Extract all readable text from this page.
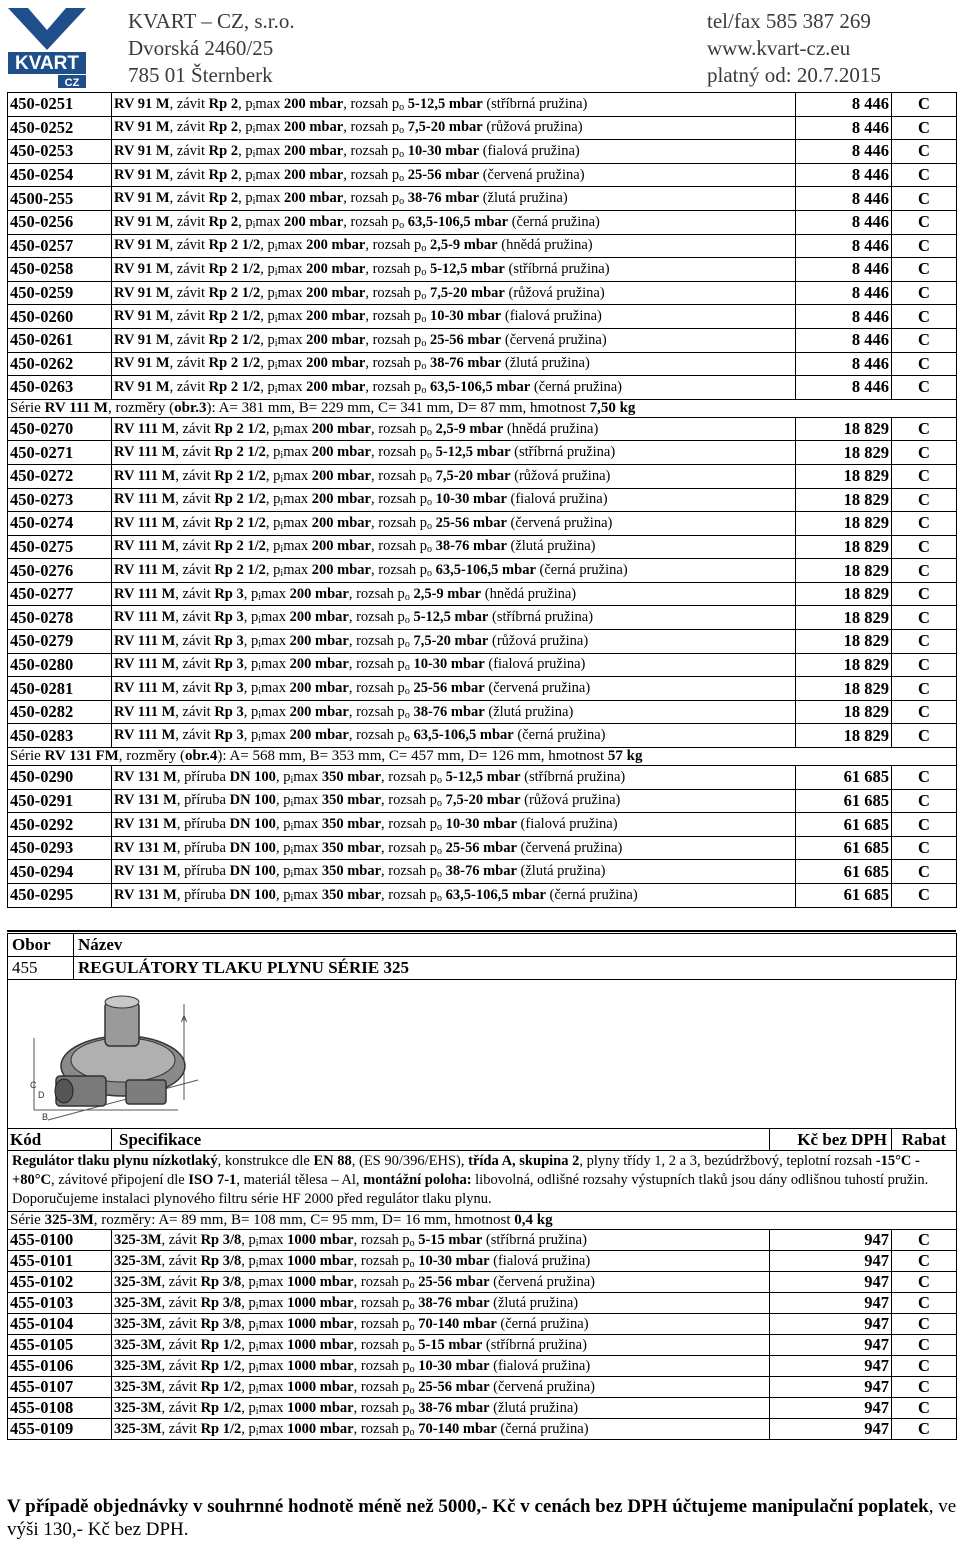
KVART
CZ
KVART – CZ, s.r.o.
Dvorská 2460/25
785 01 Šternberk
tel/fax 585 387 269
www.kvart-cz.eu
platný od: 20.7.2015
450-0251	RV 91 M, závit Rp 2, $p_i\max$ 200 mbar, rozsah $p_o$ 5-12,5 mbar (stříbrná pružina)	8 446	C
450-0252	RV 91 M, závit Rp 2, $p_i\max$ 200 mbar, rozsah $p_o$ 7,5-20 mbar (růžová pružina)	8 446	C
450-0253	RV 91 M, závit Rp 2, $p_i\max$ 200 mbar, rozsah $p_o$ 10-30 mbar (fialová pružina)	8 446	C
450-0254	RV 91 M, závit Rp 2, $p_i\max$ 200 mbar, rozsah $p_o$ 25-56 mbar (červená pružina)	8 446	C
4500-255	RV 91 M, závit Rp 2, $p_i\max$ 200 mbar, rozsah $p_o$ 38-76 mbar (žlutá pružina)	8 446	C
450-0256	RV 91 M, závit Rp 2, $p_i\max$ 200 mbar, rozsah $p_o$ 63,5-106,5 mbar (černá pružina)	8 446	C
450-0257	RV 91 M, závit Rp 2 1/2, $p_i\max$ 200 mbar, rozsah $p_o$ 2,5-9 mbar (hnědá pružina)	8 446	C
450-0258	RV 91 M, závit Rp 2 1/2, $p_i\max$ 200 mbar, rozsah $p_o$ 5-12,5 mbar (stříbrná pružina)	8 446	C
450-0259	RV 91 M, závit Rp 2 1/2, $p_i\max$ 200 mbar, rozsah $p_o$ 7,5-20 mbar (růžová pružina)	8 446	C
450-0260	RV 91 M, závit Rp 2 1/2, $p_i\max$ 200 mbar, rozsah $p_o$ 10-30 mbar (fialová pružina)	8 446	C
450-0261	RV 91 M, závit Rp 2 1/2, $p_i\max$ 200 mbar, rozsah $p_o$ 25-56 mbar (červená pružina)	8 446	C
450-0262	RV 91 M, závit Rp 2 1/2, $p_i\max$ 200 mbar, rozsah $p_o$ 38-76 mbar (žlutá pružina)	8 446	C
450-0263	RV 91 M, závit Rp 2 1/2, $p_i\max$ 200 mbar, rozsah $p_o$ 63,5-106,5 mbar (černá pružina)	8 446	C
Série RV 111 M, rozměry (obr.3): A= 381 mm, B= 229 mm, C= 341 mm, D= 87 mm, hmotnost 7,50 kg			
450-0270	RV 111 M, závit Rp 2 1/2, $p_i\max$ 200 mbar, rozsah $p_o$ 2,5-9 mbar (hnědá pružina)	18 829	C
450-0271	RV 111 M, závit Rp 2 1/2, $p_i\max$ 200 mbar, rozsah $p_o$ 5-12,5 mbar (stříbrná pružina)	18 829	C
450-0272	RV 111 M, závit Rp 2 1/2, $p_i\max$ 200 mbar, rozsah $p_o$ 7,5-20 mbar (růžová pružina)	18 829	C
450-0273	RV 111 M, závit Rp 2 1/2, $p_i\max$ 200 mbar, rozsah $p_o$ 10-30 mbar (fialová pružina)	18 829	C
450-0274	RV 111 M, závit Rp 2 1/2, $p_i\max$ 200 mbar, rozsah $p_o$ 25-56 mbar (červená pružina)	18 829	C
450-0275	RV 111 M, závit Rp 2 1/2, $p_i\max$ 200 mbar, rozsah $p_o$ 38-76 mbar (žlutá pružina)	18 829	C
450-0276	RV 111 M, závit Rp 2 1/2, $p_i\max$ 200 mbar, rozsah $p_o$ 63,5-106,5 mbar (černá pružina)	18 829	C
450-0277	RV 111 M, závit Rp 3, $p_i\max$ 200 mbar, rozsah $p_o$ 2,5-9 mbar (hnědá pružina)	18 829	C
450-0278	RV 111 M, závit Rp 3, $p_i\max$ 200 mbar, rozsah $p_o$ 5-12,5 mbar (stříbrná pružina)	18 829	C
450-0279	RV 111 M, závit Rp 3, $p_i\max$ 200 mbar, rozsah $p_o$ 7,5-20 mbar (růžová pružina)	18 829	C
450-0280	RV 111 M, závit Rp 3, $p_i\max$ 200 mbar, rozsah $p_o$ 10-30 mbar (fialová pružina)	18 829	C
450-0281	RV 111 M, závit Rp 3, $p_i\max$ 200 mbar, rozsah $p_o$ 25-56 mbar (červená pružina)	18 829	C
450-0282	RV 111 M, závit Rp 3, $p_i\max$ 200 mbar, rozsah $p_o$ 38-76 mbar (žlutá pružina)	18 829	C
450-0283	RV 111 M, závit Rp 3, $p_i\max$ 200 mbar, rozsah $p_o$ 63,5-106,5 mbar (černá pružina)	18 829	C
Série RV 131 FM, rozměry (obr.4): A= 568 mm, B= 353 mm, C= 457 mm, D= 126 mm, hmotnost 57 kg			
450-0290	RV 131 M, příruba DN 100, $p_i\max$ 350 mbar, rozsah $p_o$ 5-12,5 mbar (stříbrná pružina)	61 685	C
450-0291	RV 131 M, příruba DN 100, $p_i\max$ 350 mbar, rozsah $p_o$ 7,5-20 mbar (růžová pružina)	61 685	C
450-0292	RV 131 M, příruba DN 100, $p_i\max$ 350 mbar, rozsah $p_o$ 10-30 mbar (fialová pružina)	61 685	C
450-0293	RV 131 M, příruba DN 100, $p_i\max$ 350 mbar, rozsah $p_o$ 25-56 mbar (červená pružina)	61 685	C
450-0294	RV 131 M, příruba DN 100, $p_i\max$ 350 mbar, rozsah $p_o$ 38-76 mbar (žlutá pružina)	61 685	C
450-0295	RV 131 M, příruba DN 100, $p_i\max$ 350 mbar, rozsah $p_o$ 63,5-106,5 mbar (černá pružina)	61 685	C
Obor	Název
455	REGULÁTORY TLAKU PLYNU SÉRIE 325
A
C
B
D
Kód	Specifikace	Kč bez DPH	Rabat
Regulátor tlaku plynu nízkotlaký, konstrukce dle EN 88, (ES 90/396/EHS), třída A, skupina 2, plyny třídy 1, 2 a 3, bezúdržbový, teplotní rozsah -15°C - +80°C, závitové připojení dle ISO 7-1, materiál tělesa – Al, montážní poloha: libovolná, odlišné rozsahy výstupních tlaků jsou dány odlišnou tuhostí pružin. Doporučujeme instalaci plynového filtru série HF 2000 před regulátor tlaku plynu.			
Série 325-3M, rozměry: A= 89 mm, B= 108 mm, C= 95 mm, D= 16 mm, hmotnost 0,4 kg			
455-0100	325-3M, závit Rp 3/8, $p_i\max$ 1000 mbar, rozsah $p_o$ 5-15 mbar (stříbrná pružina)	947	C
455-0101	325-3M, závit Rp 3/8, $p_i\max$ 1000 mbar, rozsah $p_o$ 10-30 mbar (fialová pružina)	947	C
455-0102	325-3M, závit Rp 3/8, $p_i\max$ 1000 mbar, rozsah $p_o$ 25-56 mbar (červená pružina)	947	C
455-0103	325-3M, závit Rp 3/8, $p_i\max$ 1000 mbar, rozsah $p_o$ 38-76 mbar (žlutá pružina)	947	C
455-0104	325-3M, závit Rp 3/8, $p_i\max$ 1000 mbar, rozsah $p_o$ 70-140 mbar (černá pružina)	947	C
455-0105	325-3M, závit Rp 1/2, $p_i\max$ 1000 mbar, rozsah $p_o$ 5-15 mbar (stříbrná pružina)	947	C
455-0106	325-3M, závit Rp 1/2, $p_i\max$ 1000 mbar, rozsah $p_o$ 10-30 mbar (fialová pružina)	947	C
455-0107	325-3M, závit Rp 1/2, $p_i\max$ 1000 mbar, rozsah $p_o$ 25-56 mbar (červená pružina)	947	C
455-0108	325-3M, závit Rp 1/2, $p_i\max$ 1000 mbar, rozsah $p_o$ 38-76 mbar (žlutá pružina)	947	C
455-0109	325-3M, závit Rp 1/2, $p_i\max$ 1000 mbar, rozsah $p_o$ 70-140 mbar (černá pružina)	947	C
V případě objednávky v souhrnné hodnotě méně než 5000,- Kč v cenách bez DPH účtujeme manipulační poplatek, ve výši 130,- Kč bez DPH.
